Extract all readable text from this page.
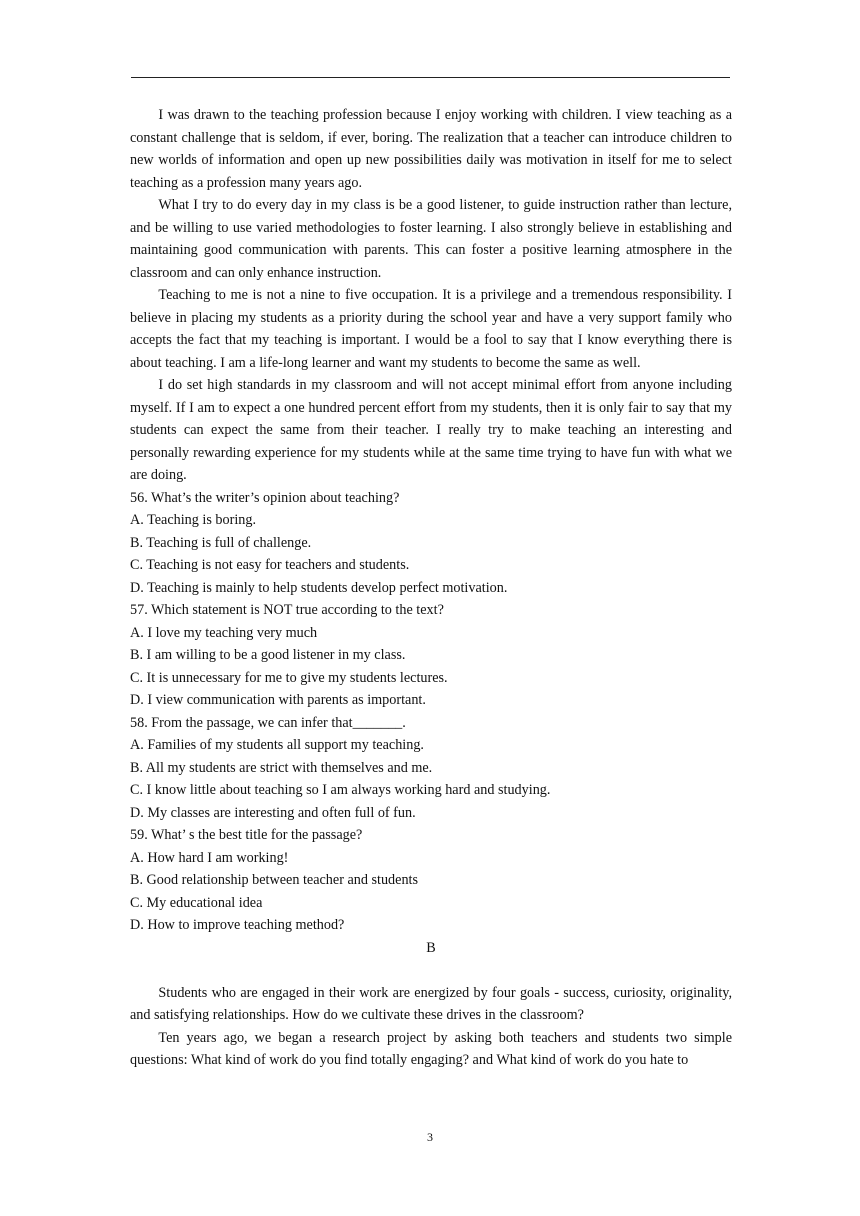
I was drawn to the teaching profession because I enjoy working with children. I view teaching as a constant challenge that is seldom, if ever, boring. The realization that a teacher can introduce children to new worlds of information and open up new possibilities daily was motivation in itself for me to select teaching as a profession many years ago.

What I try to do every day in my class is be a good listener, to guide instruction rather than lecture, and be willing to use varied methodologies to foster learning. I also strongly believe in establishing and maintaining good communication with parents. This can foster a positive learning atmosphere in the classroom and can only enhance instruction.

Teaching to me is not a nine to five occupation. It is a privilege and a tremendous responsibility. I believe in placing my students as a priority during the school year and have a very support family who accepts the fact that my teaching is important. I would be a fool to say that I know everything there is about teaching. I am a life-long learner and want my students to become the same as well.

I do set high standards in my classroom and will not accept minimal effort from anyone including myself. If I am to expect a one hundred percent effort from my students, then it is only fair to say that my students can expect the same from their teacher. I really try to make teaching an interesting and personally rewarding experience for my students while at the same time trying to have fun with what we are doing.

56. What’s the writer’s opinion about teaching?

A. Teaching is boring.

B. Teaching is full of challenge.

C. Teaching is not easy for teachers and students.

D. Teaching is mainly to help students develop perfect motivation.

57. Which statement is NOT true according to the text?

A. I love my teaching very much

B. I am willing to be a good listener in my class.

C. It is unnecessary for me to give my students lectures.

D. I view communication with parents as important.

58. From the passage, we can infer that_______.

A. Families of my students all support my teaching.

B. All my students are strict with themselves and me.

C. I know little about teaching so I am always working hard and studying.

D. My classes are interesting and often full of fun.

59. What’ s the best title for the passage?

A. How hard I am working!

B. Good relationship between teacher and students

C. My educational idea

D. How to improve teaching method?

B

Students who are engaged in their work are energized by four goals - success, curiosity, originality, and satisfying relationships. How do we cultivate these drives in the classroom?

Ten years ago, we began a research project by asking both teachers and students two simple questions: What kind of work do you find totally engaging? and What kind of work do you hate to

3
